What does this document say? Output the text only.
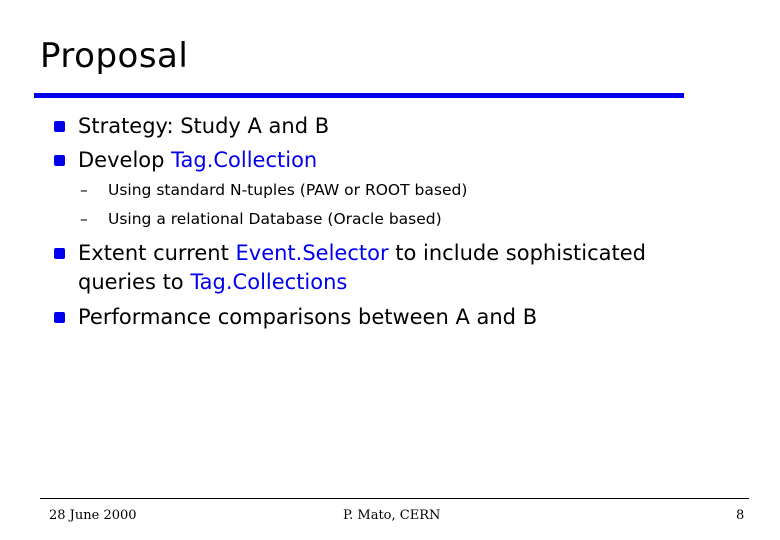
Proposal
Strategy: Study A and B
Develop Tag.Collection
– Using standard N-tuples (PAW or ROOT based)
– Using a relational Database (Oracle based)
Extent current Event.Selector to include sophisticated
queries to Tag.Collections
Performance comparisons between A and B
28 June 2000	P. Mato, CERN	8
